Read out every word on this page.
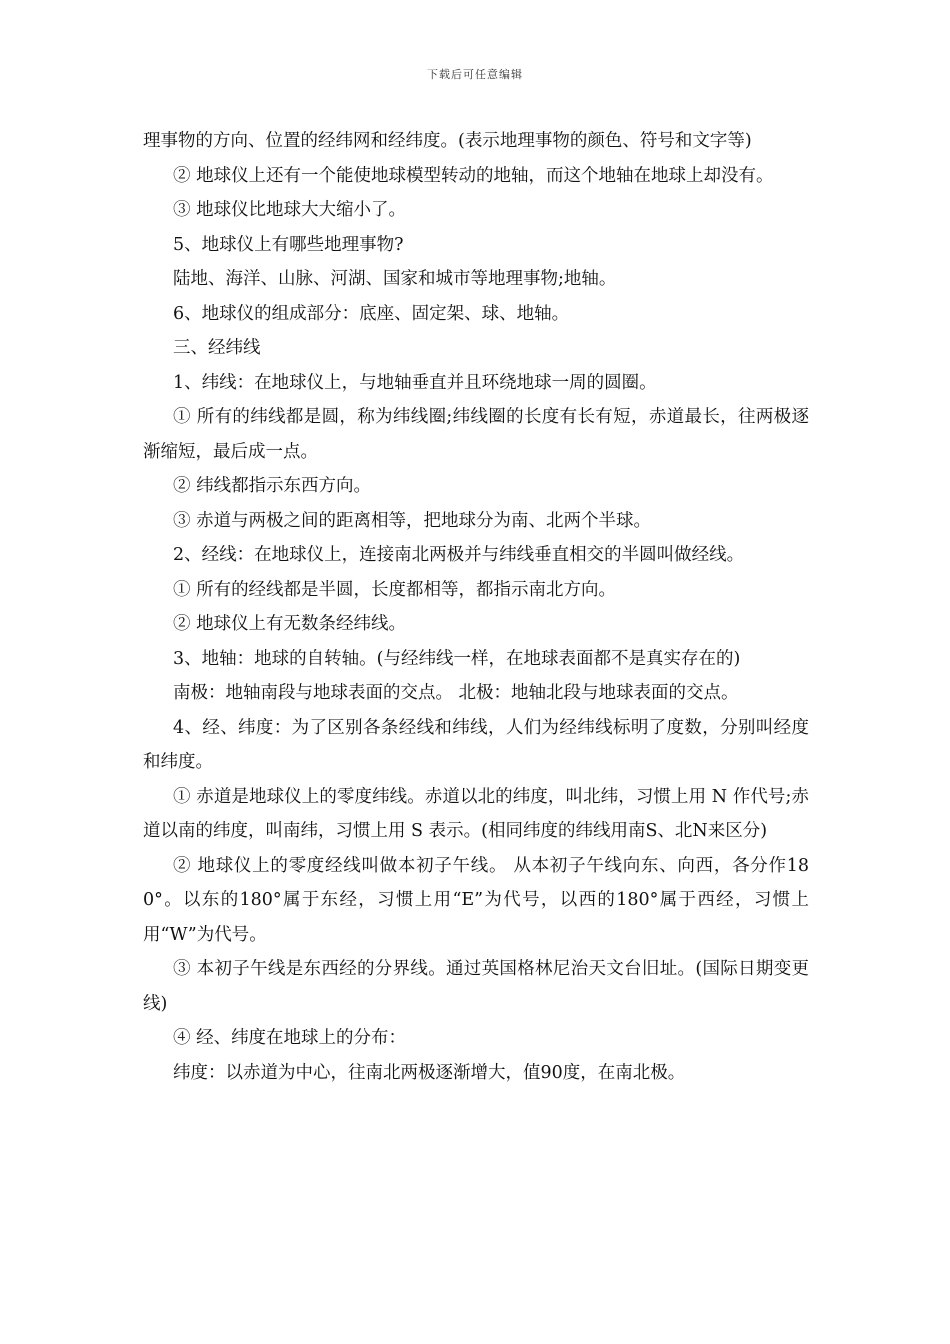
下载后可任意编辑

理事物的方向、位置的经纬网和经纬度。(表示地理事物的颜色、符号和文字等)

② 地球仪上还有一个能使地球模型转动的地轴，而这个地轴在地球上却没有。

③ 地球仪比地球大大缩小了。

5、地球仪上有哪些地理事物?

陆地、海洋、山脉、河湖、国家和城市等地理事物;地轴。

6、地球仪的组成部分：底座、固定架、球、地轴。

三、经纬线

1、纬线：在地球仪上，与地轴垂直并且环绕地球一周的圆圈。

① 所有的纬线都是圆，称为纬线圈;纬线圈的长度有长有短，赤道最长，往两极逐渐缩短，最后成一点。

② 纬线都指示东西方向。

③ 赤道与两极之间的距离相等，把地球分为南、北两个半球。

2、经线：在地球仪上，连接南北两极并与纬线垂直相交的半圆叫做经线。

① 所有的经线都是半圆，长度都相等，都指示南北方向。

② 地球仪上有无数条经纬线。

3、地轴：地球的自转轴。(与经纬线一样，在地球表面都不是真实存在的)

南极：地轴南段与地球表面的交点。 北极：地轴北段与地球表面的交点。

4、经、纬度：为了区别各条经线和纬线，人们为经纬线标明了度数，分别叫经度和纬度。

① 赤道是地球仪上的零度纬线。赤道以北的纬度，叫北纬，习惯上用 N 作代号;赤道以南的纬度，叫南纬，习惯上用 S 表示。(相同纬度的纬线用南S、北N来区分)

② 地球仪上的零度经线叫做本初子午线。 从本初子午线向东、向西，各分作180°。以东的180°属于东经，习惯上用“E”为代号，以西的180°属于西经，习惯上用“W”为代号。

③ 本初子午线是东西经的分界线。通过英国格林尼治天文台旧址。(国际日期变更线)

④ 经、纬度在地球上的分布：

纬度：以赤道为中心，往南北两极逐渐增大，值90度，在南北极。
